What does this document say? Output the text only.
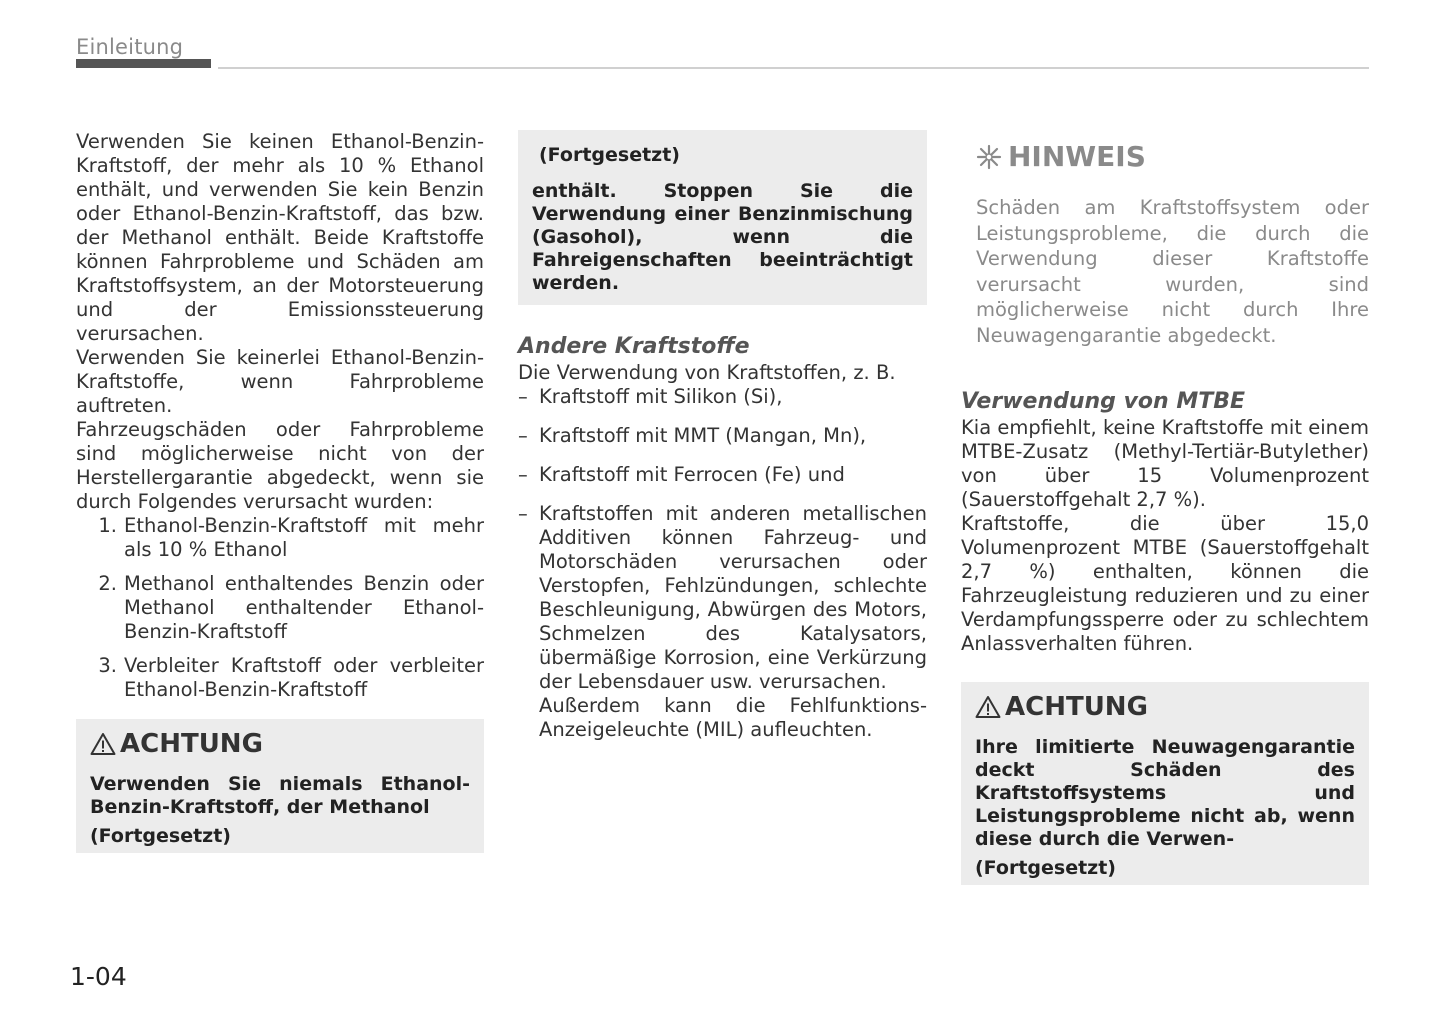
Einleitung

Verwenden Sie keinen Ethanol-Benzin-Kraftstoff, der mehr als 10 % Ethanol enthält, und verwenden Sie kein Benzin oder Ethanol-Benzin-Kraftstoff, das bzw. der Methanol enthält. Beide Kraftstoffe können Fahrprobleme und Schäden am Kraftstoffsystem, an der Motorsteuerung und der Emissionssteuerung verursachen.

Verwenden Sie keinerlei Ethanol-Benzin-Kraftstoffe, wenn Fahrprobleme auftreten.

Fahrzeugschäden oder Fahrprobleme sind möglicherweise nicht von der Herstellergarantie abgedeckt, wenn sie durch Folgendes verursacht wurden:

1. Ethanol-Benzin-Kraftstoff mit mehr als 10 % Ethanol
2. Methanol enthaltendes Benzin oder Methanol enthaltender Ethanol-Benzin-Kraftstoff
3. Verbleiter Kraftstoff oder verbleiter Ethanol-Benzin-Kraftstoff
ACHTUNG

Verwenden Sie niemals Ethanol-Benzin-Kraftstoff, der Methanol

(Fortgesetzt)
(Fortgesetzt)

enthält. Stoppen Sie die Verwendung einer Benzinmischung (Gasohol), wenn die Fahreigenschaften beeinträchtigt werden.

Andere Kraftstoffe

Die Verwendung von Kraftstoffen, z. B.

– Kraftstoff mit Silikon (Si),
– Kraftstoff mit MMT (Mangan, Mn),
– Kraftstoff mit Ferrocen (Fe) und
– Kraftstoffen mit anderen metallischen Additiven können Fahrzeug- und Motorschäden verursachen oder Verstopfen, Fehlzündungen, schlechte Beschleunigung, Abwürgen des Motors, Schmelzen des Katalysators, übermäßige Korrosion, eine Verkürzung der Lebensdauer usw. verursachen.
Außerdem kann die Fehlfunktions-Anzeigeleuchte (MIL) aufleuchten.
HINWEIS

Schäden am Kraftstoffsystem oder Leistungsprobleme, die durch die Verwendung dieser Kraftstoffe verursacht wurden, sind möglicherweise nicht durch Ihre Neuwagengarantie abgedeckt.

Verwendung von MTBE

Kia empfiehlt, keine Kraftstoffe mit einem MTBE-Zusatz (Methyl-Tertiär-Butylether) von über 15 Volumenprozent (Sauerstoffgehalt 2,7 %).

Kraftstoffe, die über 15,0 Volumenprozent MTBE (Sauerstoffgehalt 2,7 %) enthalten, können die Fahrzeugleistung reduzieren und zu einer Verdampfungssperre oder zu schlechtem Anlassverhalten führen.

ACHTUNG

Ihre limitierte Neuwagengarantie deckt Schäden des Kraftstoffsystems und Leistungsprobleme nicht ab, wenn diese durch die Verwen-

(Fortgesetzt)
1-04
